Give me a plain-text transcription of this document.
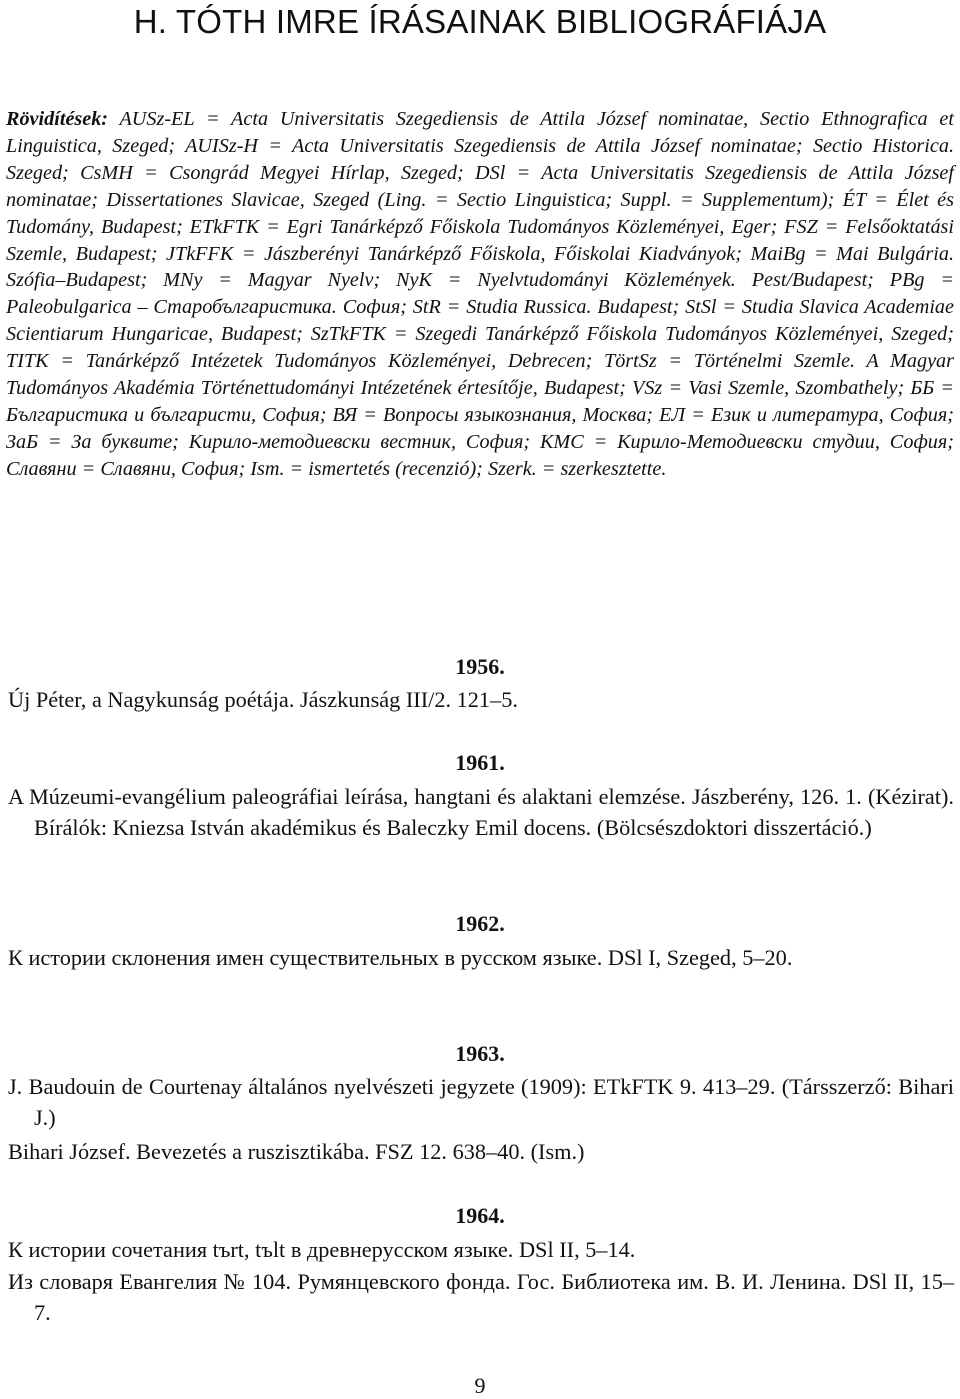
H. TÓTH IMRE ÍRÁSAINAK BIBLIOGRÁFIÁJA

Rövidítések: AUSz-EL = Acta Universitatis Szegediensis de Attila József nominatae, Sectio Ethnografica et Linguistica, Szeged; AUISz-H = Acta Universitatis Szegediensis de Attila József nominatae; Sectio Historica. Szeged; CsMH = Csongrád Megyei Hírlap, Szeged; DSl = Acta Universitatis Szegediensis de Attila József nominatae; Dissertationes Slavicae, Szeged (Ling. = Sectio Linguistica; Suppl. = Supplementum); ÉT = Élet és Tudomány, Budapest; ETkFTK = Egri Tanárképző Főiskola Tudományos Közleményei, Eger; FSZ = Felsőoktatási Szemle, Budapest; JTkFFK = Jászberényi Tanárképző Főiskola, Főiskolai Kiadványok; MaiBg = Mai Bulgária. Szófia–Budapest; MNy = Magyar Nyelv; NyK = Nyelvtudományi Közlemények. Pest/Budapest; PBg = Paleobulgarica – Старобългаристика. София; StR = Studia Russica. Budapest; StSl = Studia Slavica Academiae Scientiarum Hungaricae, Budapest; SzTkFTK = Szegedi Tanárképző Főiskola Tudományos Közleményei, Szeged; TITK = Tanárképző Intézetek Tudományos Közleményei, Debrecen; TörtSz = Történelmi Szemle. A Magyar Tudományos Akadémia Történettudományi Intézetének értesítője, Budapest; VSz = Vasi Szemle, Szombathely; ББ = Българистика и българисти, София; ВЯ = Вопросы языкознания, Москва; ЕЛ = Език и литература, София; ЗаБ = За буквите; Кирило-методиевски вестник, София; КМС = Кирило-Методиевски студии, София; Славяни = Славяни, София; Ism. = ismertetés (recenzió); Szerk. = szerkesztette.

1956.

Új Péter, a Nagykunság poétája. Jászkunság III/2. 121–5.

1961.

A Múzeumi-evangélium paleográfiai leírása, hangtani és alaktani elemzése. Jászberény, 126. 1. (Kézirat). Bírálók: Kniezsa István akadémikus és Baleczky Emil docens. (Bölcsészdoktori disszertáció.)

1962.

К истории склонения имен существительных в русском языке. DSl I, Szeged, 5–20.

1963.

J. Baudouin de Courtenay általános nyelvészeti jegyzete (1909): ETkFTK 9. 413–29. (Társszerző: Bihari J.)

Bihari József. Bevezetés a ruszisztikába. FSZ 12. 638–40. (Ism.)

1964.

К истории сочетания tъrt, tъlt в древнерусском языке. DSl II, 5–14.

Из словаря Евангелия № 104. Румянцевского фонда. Гос. Библиотека им. В. И. Ленина. DSl II, 15–7.

9
